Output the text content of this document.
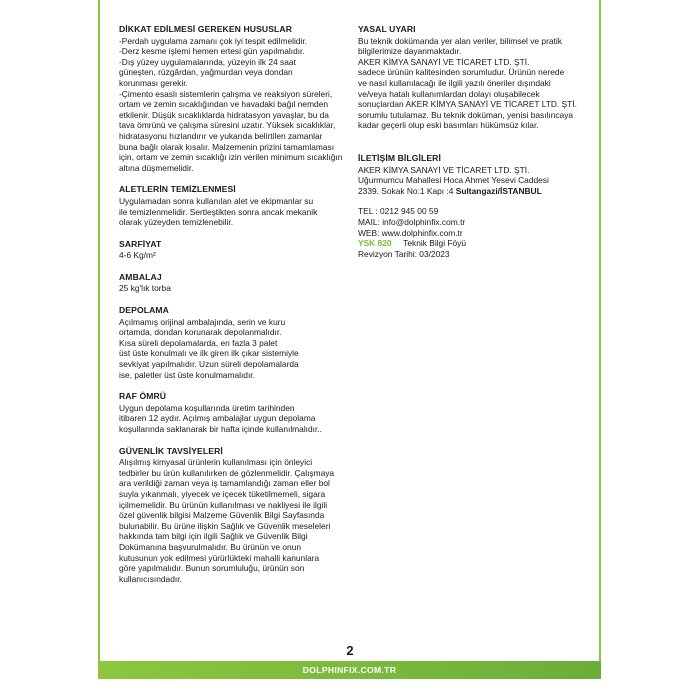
DİKKAT EDİLMESİ GEREKEN HUSUSLAR

-Perdah uygulama zamanı çok iyi tespit edilmelidir.
-Derz kesme işlemi hemen ertesi gün yapılmalıdır.
-Dış yüzey uygulamalarında, yüzeyin ilk 24 saat
güneşten, rüzgârdan, yağmurdan veya dondan
korunması gerekir.
-Çimento esaslı sistemlerin çalışma ve reaksiyon süreleri,
ortam ve zemin sıcaklığından ve havadaki bağıl nemden
etkilenir. Düşük sıcaklıklarda hidratasyon yavaşlar, bu da
tava ömrünü ve çalışma süresini uzatır. Yüksek sıcaklıklar,
hidratasyonu hızlandırır ve yukarıda belirtilen zamanlar
buna bağlı olarak kısalır. Malzemenin prizini tamamlaması
için, ortam ve zemin sıcaklığı izin verilen minimum sıcaklığın
altına düşmemelidir.

ALETLERİN TEMİZLENMESİ

Uygulamadan sonra kullanılan alet ve ekipmanlar su
ile temizlenmelidir. Sertleştikten sonra ancak mekanik
olarak yüzeyden temizlenebilir.

SARFİYAT

4-6 Kg/m²

AMBALAJ

25 kg'lık torba

DEPOLAMA

Açılmamış orijinal ambalajında, serin ve kuru
ortamda, dondan korunarak depolanmalıdır.
Kısa süreli depolamalarda, en fazla 3 palet
üst üste konulmalı ve ilk giren ilk çıkar sistemiyle
sevkiyat yapılmalıdır. Uzun süreli depolamalarda
ise, paletler üst üste konulmamalıdır.

RAF ÖMRÜ

Uygun depolama koşullarında üretim tarihinden
itibaren 12 aydır. Açılmış ambalajlar uygun depolama
koşullarında saklanarak bir hafta içinde kullanılmalıdır..

GÜVENLİK TAVSİYELERİ

Alışılmış kimyasal ürünlerin kullanılması için önleyici
tedbirler bu ürün kullanılırken de gözlenmelidir. Çalışmaya
ara verildiği zaman veya iş tamamlandığı zaman eller bol
suyla yıkanmalı, yiyecek ve içecek tüketilmemeli, sigara
içilmemelidir. Bu ürünün kullanılması ve nakliyesi ile ilgili
özel güvenlik bilgisi Malzeme Güvenlik Bilgi Sayfasında
bulunabilir. Bu ürüne ilişkin Sağlık ve Güvenlik meseleleri
hakkında tam bilgi için ilgili Sağlık ve Güvenlik Bilgi
Dokümanına başvurulmalıdır. Bu ürünün ve onun
kutusunun yok edilmesi yürürlükteki mahalli kanunlara
göre yapılmalıdır. Bunun sorumluluğu, ürünün son
kullanıcısındadır.

YASAL UYARI

Bu teknik dokümanda yer alan veriler, bilimsel ve pratik
bilgilerimize dayanmaktadır.
AKER KİMYA SANAYİ VE TİCARET LTD. ŞTİ.
sadece ürünün kalitesinden sorumludur. Ürünün nerede
ve nasıl kullanılacağı ile ilgili yazılı öneriler dışındaki
ve/veya hatalı kullanımlardan dolayı oluşabilecek
sonuçlardan AKER KİMYA SANAYİ VE TİCARET LTD. ŞTİ.
sorumlu tutulamaz. Bu teknik doküman, yenisi basılıncaya
kadar geçerli olup eski basımları hükümsüz kılar.

İLETİŞİM BİLGİLERİ
AKER KİMYA SANAYİ VE TİCARET LTD. ŞTİ.
Uğurmumcu Mahallesi Hoca Ahmet Yesevi Caddesi
2339. Sokak No:1 Kapı :4 Sultangazi/İSTANBUL
TEL : 0212 945 00 59
MAIL: info@dolphinfix.com.tr
WEB: www.dolphinfix.com.tr
YSK 820 Teknik Bilgi Föyü
Revizyon Tarihi: 03/2023
2
DOLPHINFIX.COM.TR
